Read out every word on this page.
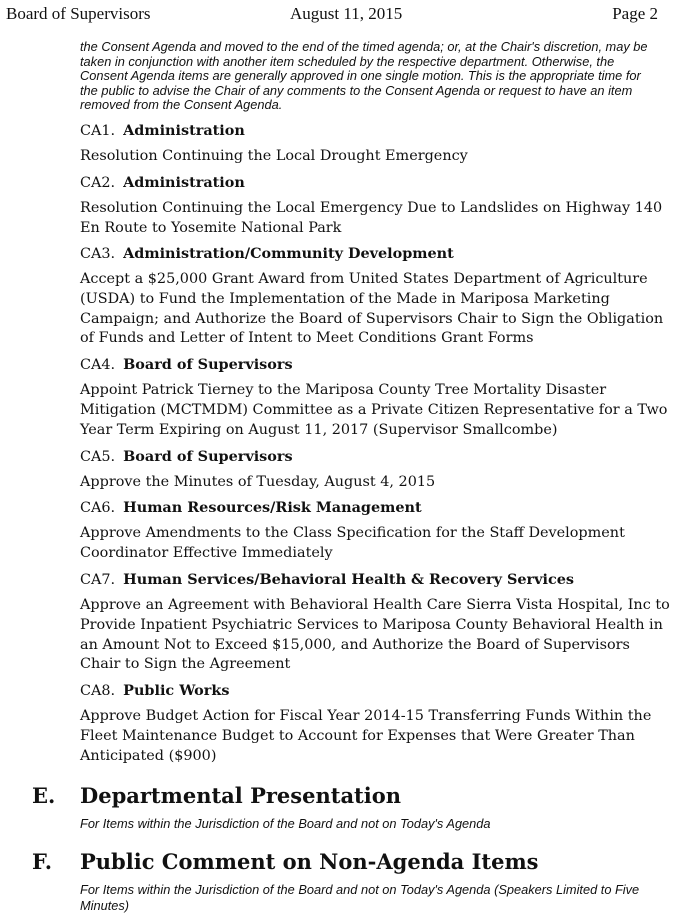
Board of Supervisors	August 11, 2015	Page 2

the Consent Agenda and moved to the end of the timed agenda; or, at the Chair's discretion, may be taken in conjunction with another item scheduled by the respective department. Otherwise, the Consent Agenda items are generally approved in one single motion. This is the appropriate time for the public to advise the Chair of any comments to the Consent Agenda or request to have an item removed from the Consent Agenda.

CA1. Administration
Resolution Continuing the Local Drought Emergency
CA2. Administration
Resolution Continuing the Local Emergency Due to Landslides on Highway 140 En Route to Yosemite National Park
CA3. Administration/Community Development
Accept a $25,000 Grant Award from United States Department of Agriculture (USDA) to Fund the Implementation of the Made in Mariposa Marketing Campaign; and Authorize the Board of Supervisors Chair to Sign the Obligation of Funds and Letter of Intent to Meet Conditions Grant Forms
CA4. Board of Supervisors
Appoint Patrick Tierney to the Mariposa County Tree Mortality Disaster Mitigation (MCTMDM) Committee as a Private Citizen Representative for a Two Year Term Expiring on August 11, 2017 (Supervisor Smallcombe)
CA5. Board of Supervisors
Approve the Minutes of Tuesday, August 4, 2015
CA6. Human Resources/Risk Management
Approve Amendments to the Class Specification for the Staff Development Coordinator Effective Immediately
CA7. Human Services/Behavioral Health & Recovery Services
Approve an Agreement with Behavioral Health Care Sierra Vista Hospital, Inc to Provide Inpatient Psychiatric Services to Mariposa County Behavioral Health in an Amount Not to Exceed $15,000, and Authorize the Board of Supervisors Chair to Sign the Agreement
CA8. Public Works
Approve Budget Action for Fiscal Year 2014-15 Transferring Funds Within the Fleet Maintenance Budget to Account for Expenses that Were Greater Than Anticipated ($900)
E. Departmental Presentation
For Items within the Jurisdiction of the Board and not on Today's Agenda
F. Public Comment on Non-Agenda Items
For Items within the Jurisdiction of the Board and not on Today's Agenda (Speakers Limited to Five Minutes)
